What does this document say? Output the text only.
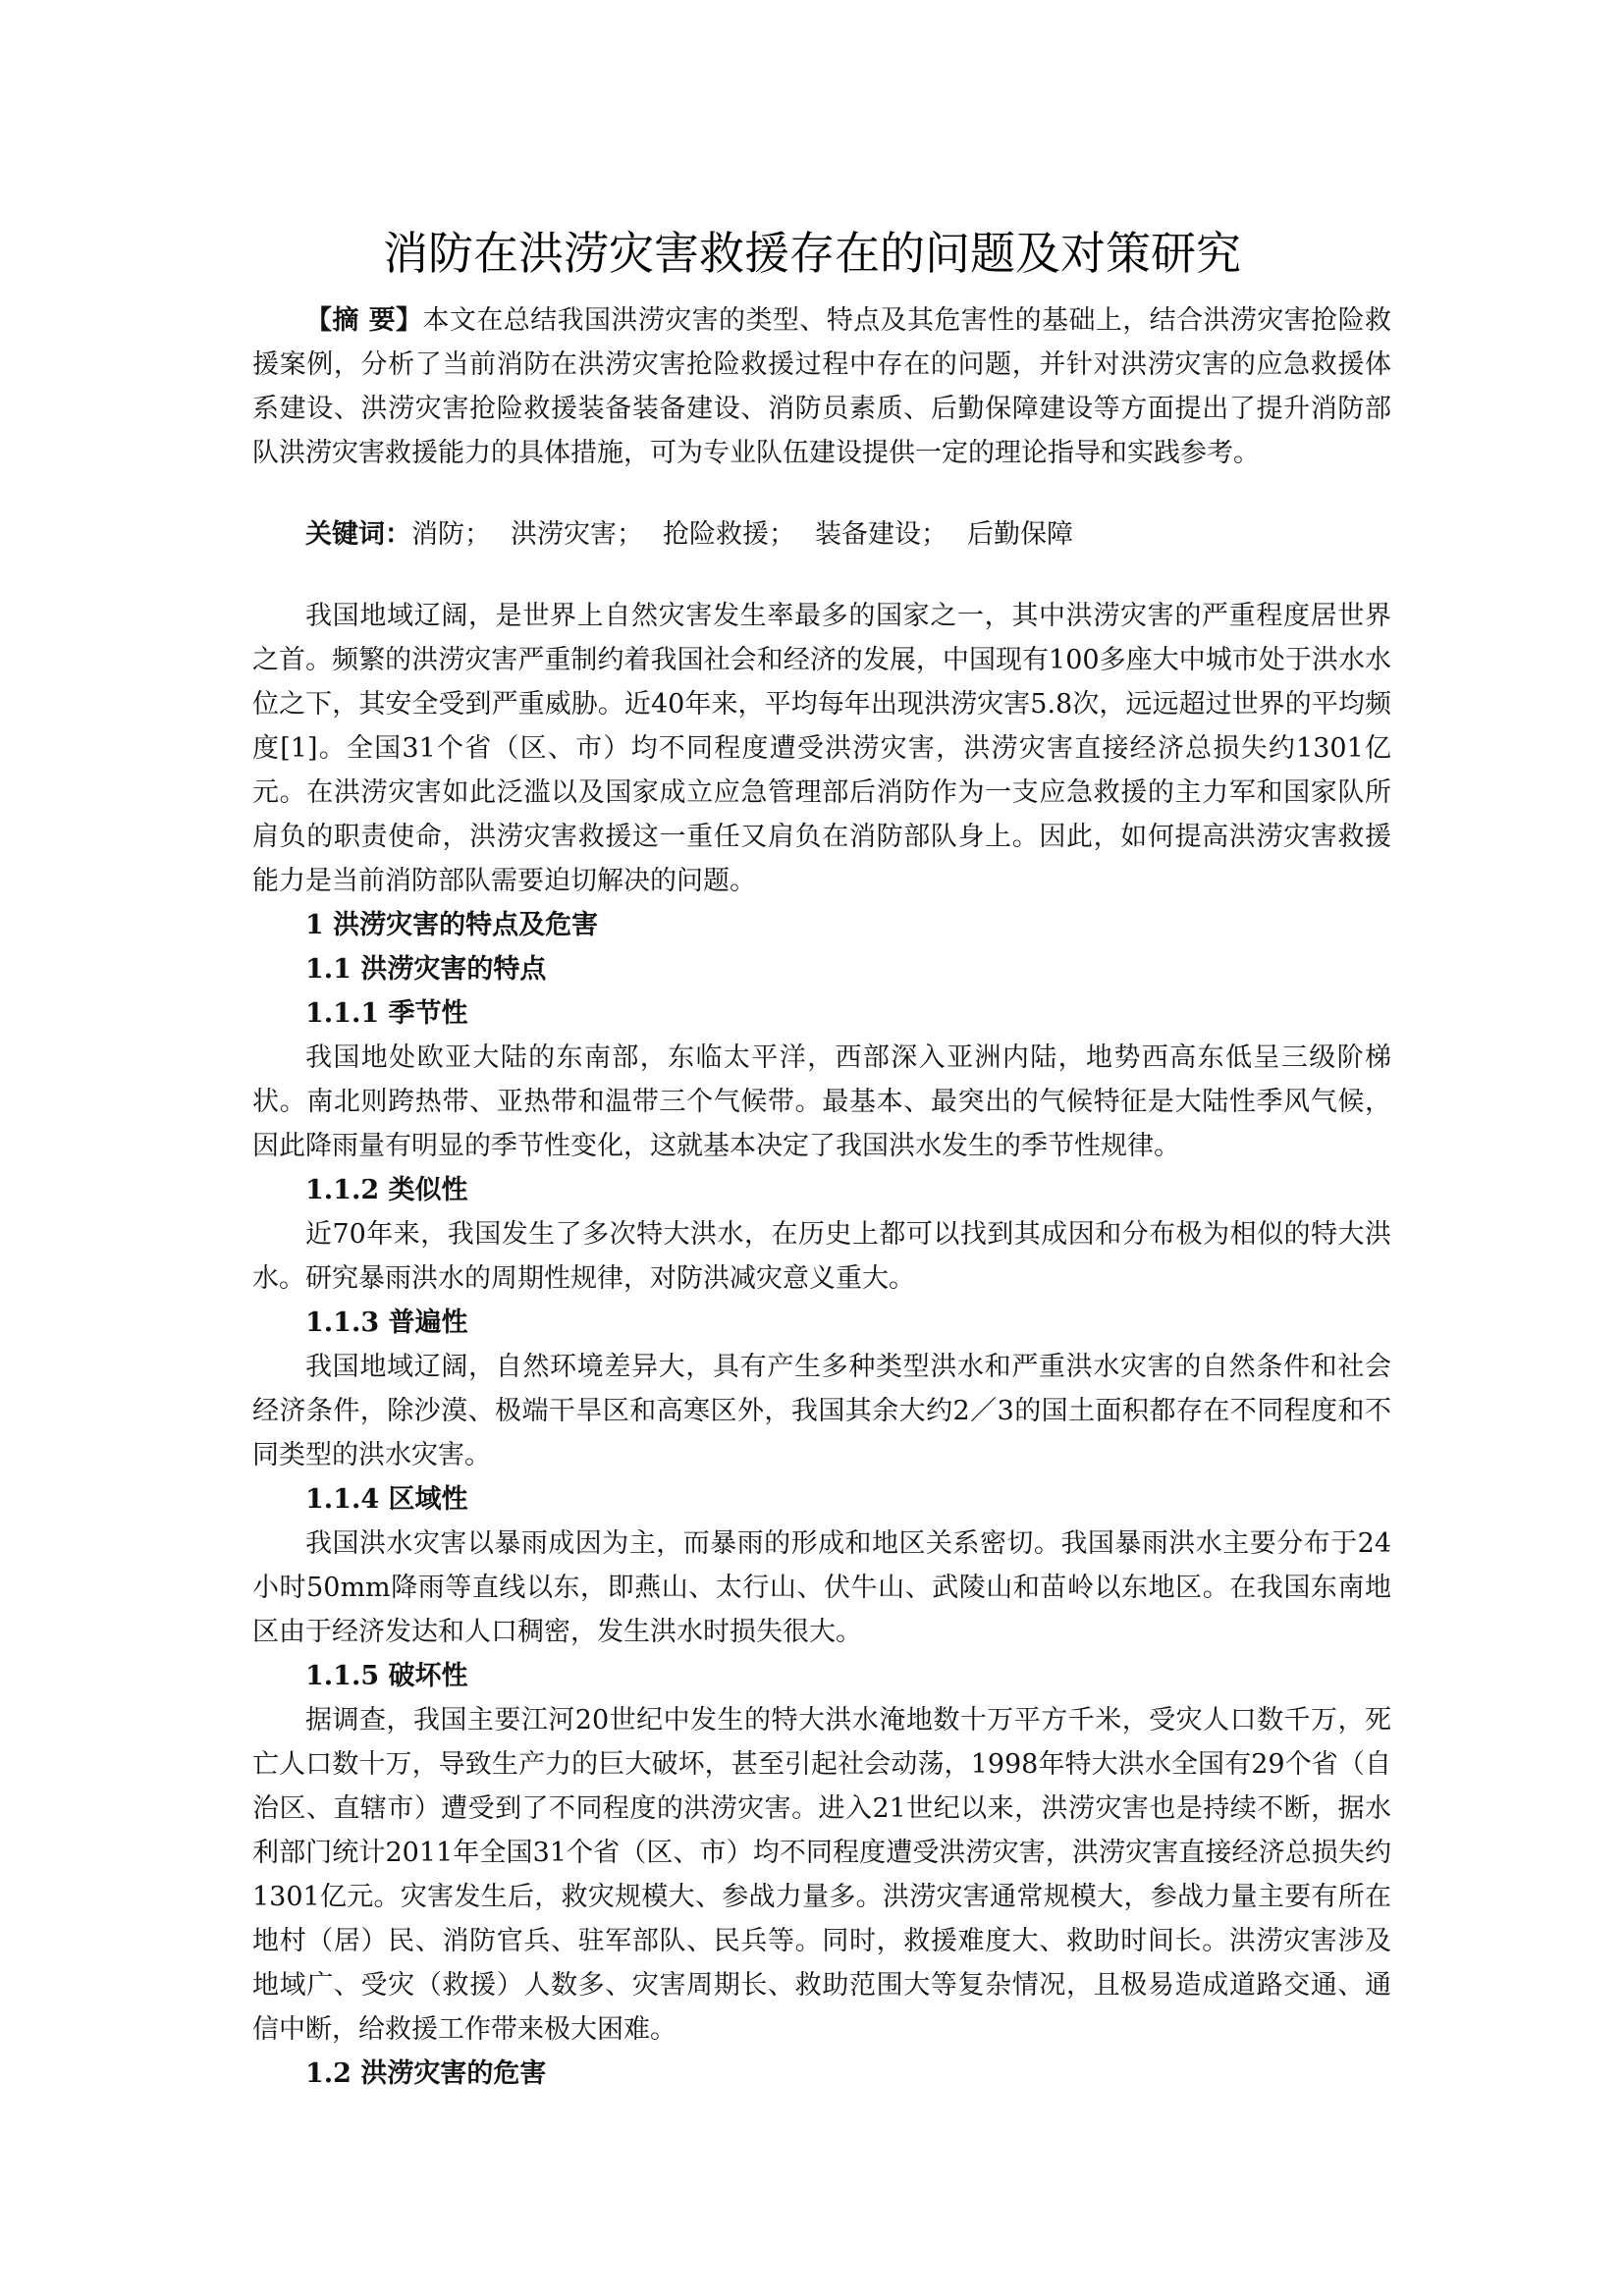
消防在洪涝灾害救援存在的问题及对策研究

【摘 要】本文在总结我国洪涝灾害的类型、特点及其危害性的基础上，结合洪涝灾害抢险救援案例，分析了当前消防在洪涝灾害抢险救援过程中存在的问题，并针对洪涝灾害的应急救援体系建设、洪涝灾害抢险救援装备装备建设、消防员素质、后勤保障建设等方面提出了提升消防部队洪涝灾害救援能力的具体措施，可为专业队伍建设提供一定的理论指导和实践参考。

关键词：消防； 洪涝灾害； 抢险救援； 装备建设； 后勤保障

我国地域辽阔，是世界上自然灾害发生率最多的国家之一，其中洪涝灾害的严重程度居世界之首。频繁的洪涝灾害严重制约着我国社会和经济的发展，中国现有100多座大中城市处于洪水水位之下，其安全受到严重威胁。近40年来，平均每年出现洪涝灾害5.8次，远远超过世界的平均频度[1]。全国31个省（区、市）均不同程度遭受洪涝灾害，洪涝灾害直接经济总损失约1301亿元。在洪涝灾害如此泛滥以及国家成立应急管理部后消防作为一支应急救援的主力军和国家队所肩负的职责使命，洪涝灾害救援这一重任又肩负在消防部队身上。因此，如何提高洪涝灾害救援能力是当前消防部队需要迫切解决的问题。

1 洪涝灾害的特点及危害

1.1 洪涝灾害的特点

1.1.1 季节性

我国地处欧亚大陆的东南部，东临太平洋，西部深入亚洲内陆，地势西高东低呈三级阶梯状。南北则跨热带、亚热带和温带三个气候带。最基本、最突出的气候特征是大陆性季风气候，因此降雨量有明显的季节性变化，这就基本决定了我国洪水发生的季节性规律。

1.1.2 类似性

近70年来，我国发生了多次特大洪水，在历史上都可以找到其成因和分布极为相似的特大洪水。研究暴雨洪水的周期性规律，对防洪减灾意义重大。

1.1.3 普遍性

我国地域辽阔，自然环境差异大，具有产生多种类型洪水和严重洪水灾害的自然条件和社会经济条件，除沙漠、极端干旱区和高寒区外，我国其余大约2／3的国土面积都存在不同程度和不同类型的洪水灾害。

1.1.4 区域性

我国洪水灾害以暴雨成因为主，而暴雨的形成和地区关系密切。我国暴雨洪水主要分布于24小时50mm降雨等直线以东，即燕山、太行山、伏牛山、武陵山和苗岭以东地区。在我国东南地区由于经济发达和人口稠密，发生洪水时损失很大。

1.1.5 破坏性

据调查，我国主要江河20世纪中发生的特大洪水淹地数十万平方千米，受灾人口数千万，死亡人口数十万，导致生产力的巨大破坏，甚至引起社会动荡，1998年特大洪水全国有29个省（自治区、直辖市）遭受到了不同程度的洪涝灾害。进入21世纪以来，洪涝灾害也是持续不断，据水利部门统计2011年全国31个省（区、市）均不同程度遭受洪涝灾害，洪涝灾害直接经济总损失约1301亿元。灾害发生后，救灾规模大、参战力量多。洪涝灾害通常规模大，参战力量主要有所在地村（居）民、消防官兵、驻军部队、民兵等。同时，救援难度大、救助时间长。洪涝灾害涉及地域广、受灾（救援）人数多、灾害周期长、救助范围大等复杂情况，且极易造成道路交通、通信中断，给救援工作带来极大困难。

1.2 洪涝灾害的危害
